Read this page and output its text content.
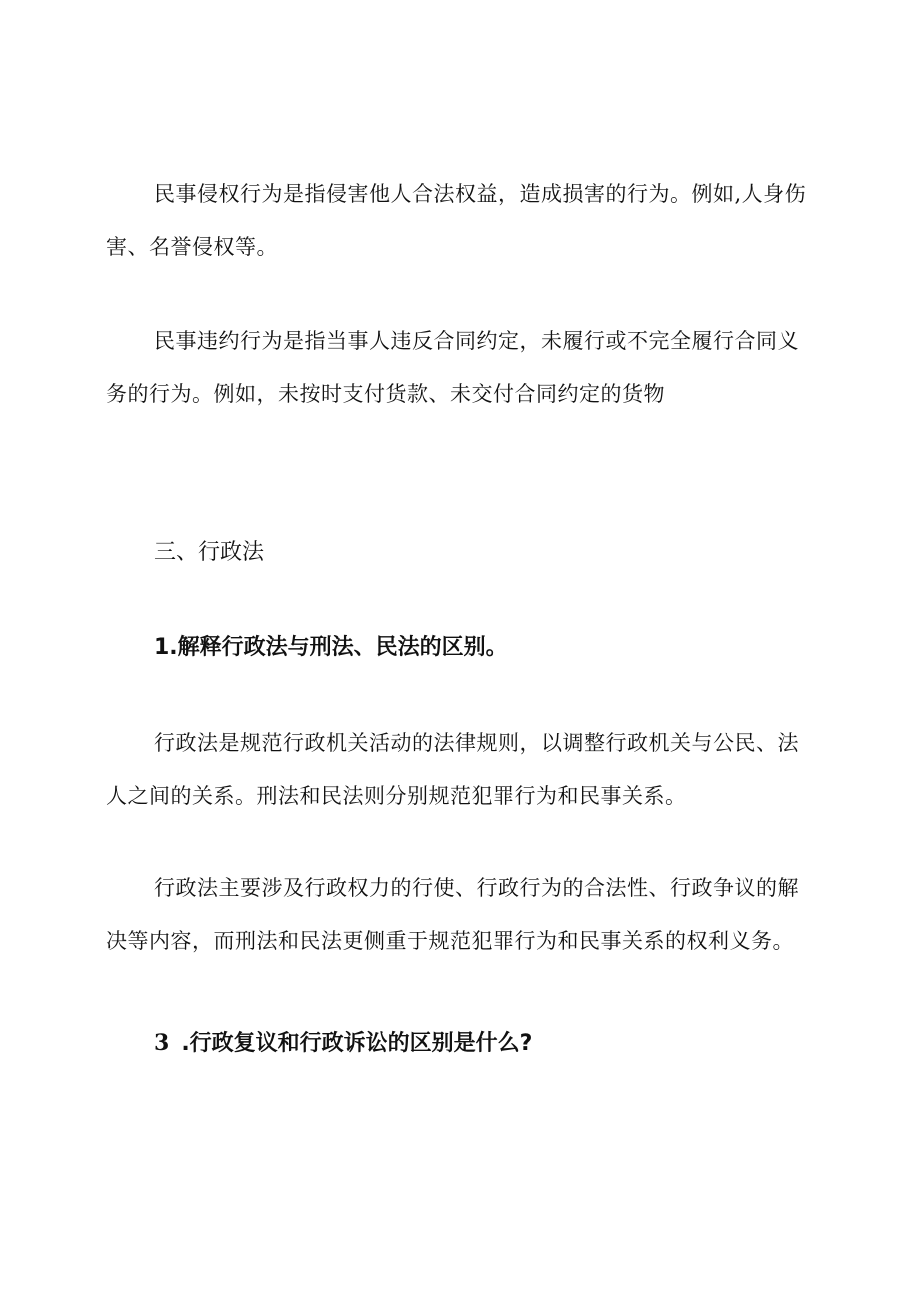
民事侵权行为是指侵害他人合法权益，造成损害的行为。例如,人身伤害、名誉侵权等。

民事违约行为是指当事人违反合同约定，未履行或不完全履行合同义务的行为。例如，未按时支付货款、未交付合同约定的货物

三、行政法
1.解释行政法与刑法、民法的区别。

行政法是规范行政机关活动的法律规则，以调整行政机关与公民、法人之间的关系。刑法和民法则分别规范犯罪行为和民事关系。

行政法主要涉及行政权力的行使、行政行为的合法性、行政争议的解决等内容，而刑法和民法更侧重于规范犯罪行为和民事关系的权利义务。

3 .行政复议和行政诉讼的区别是什么?
